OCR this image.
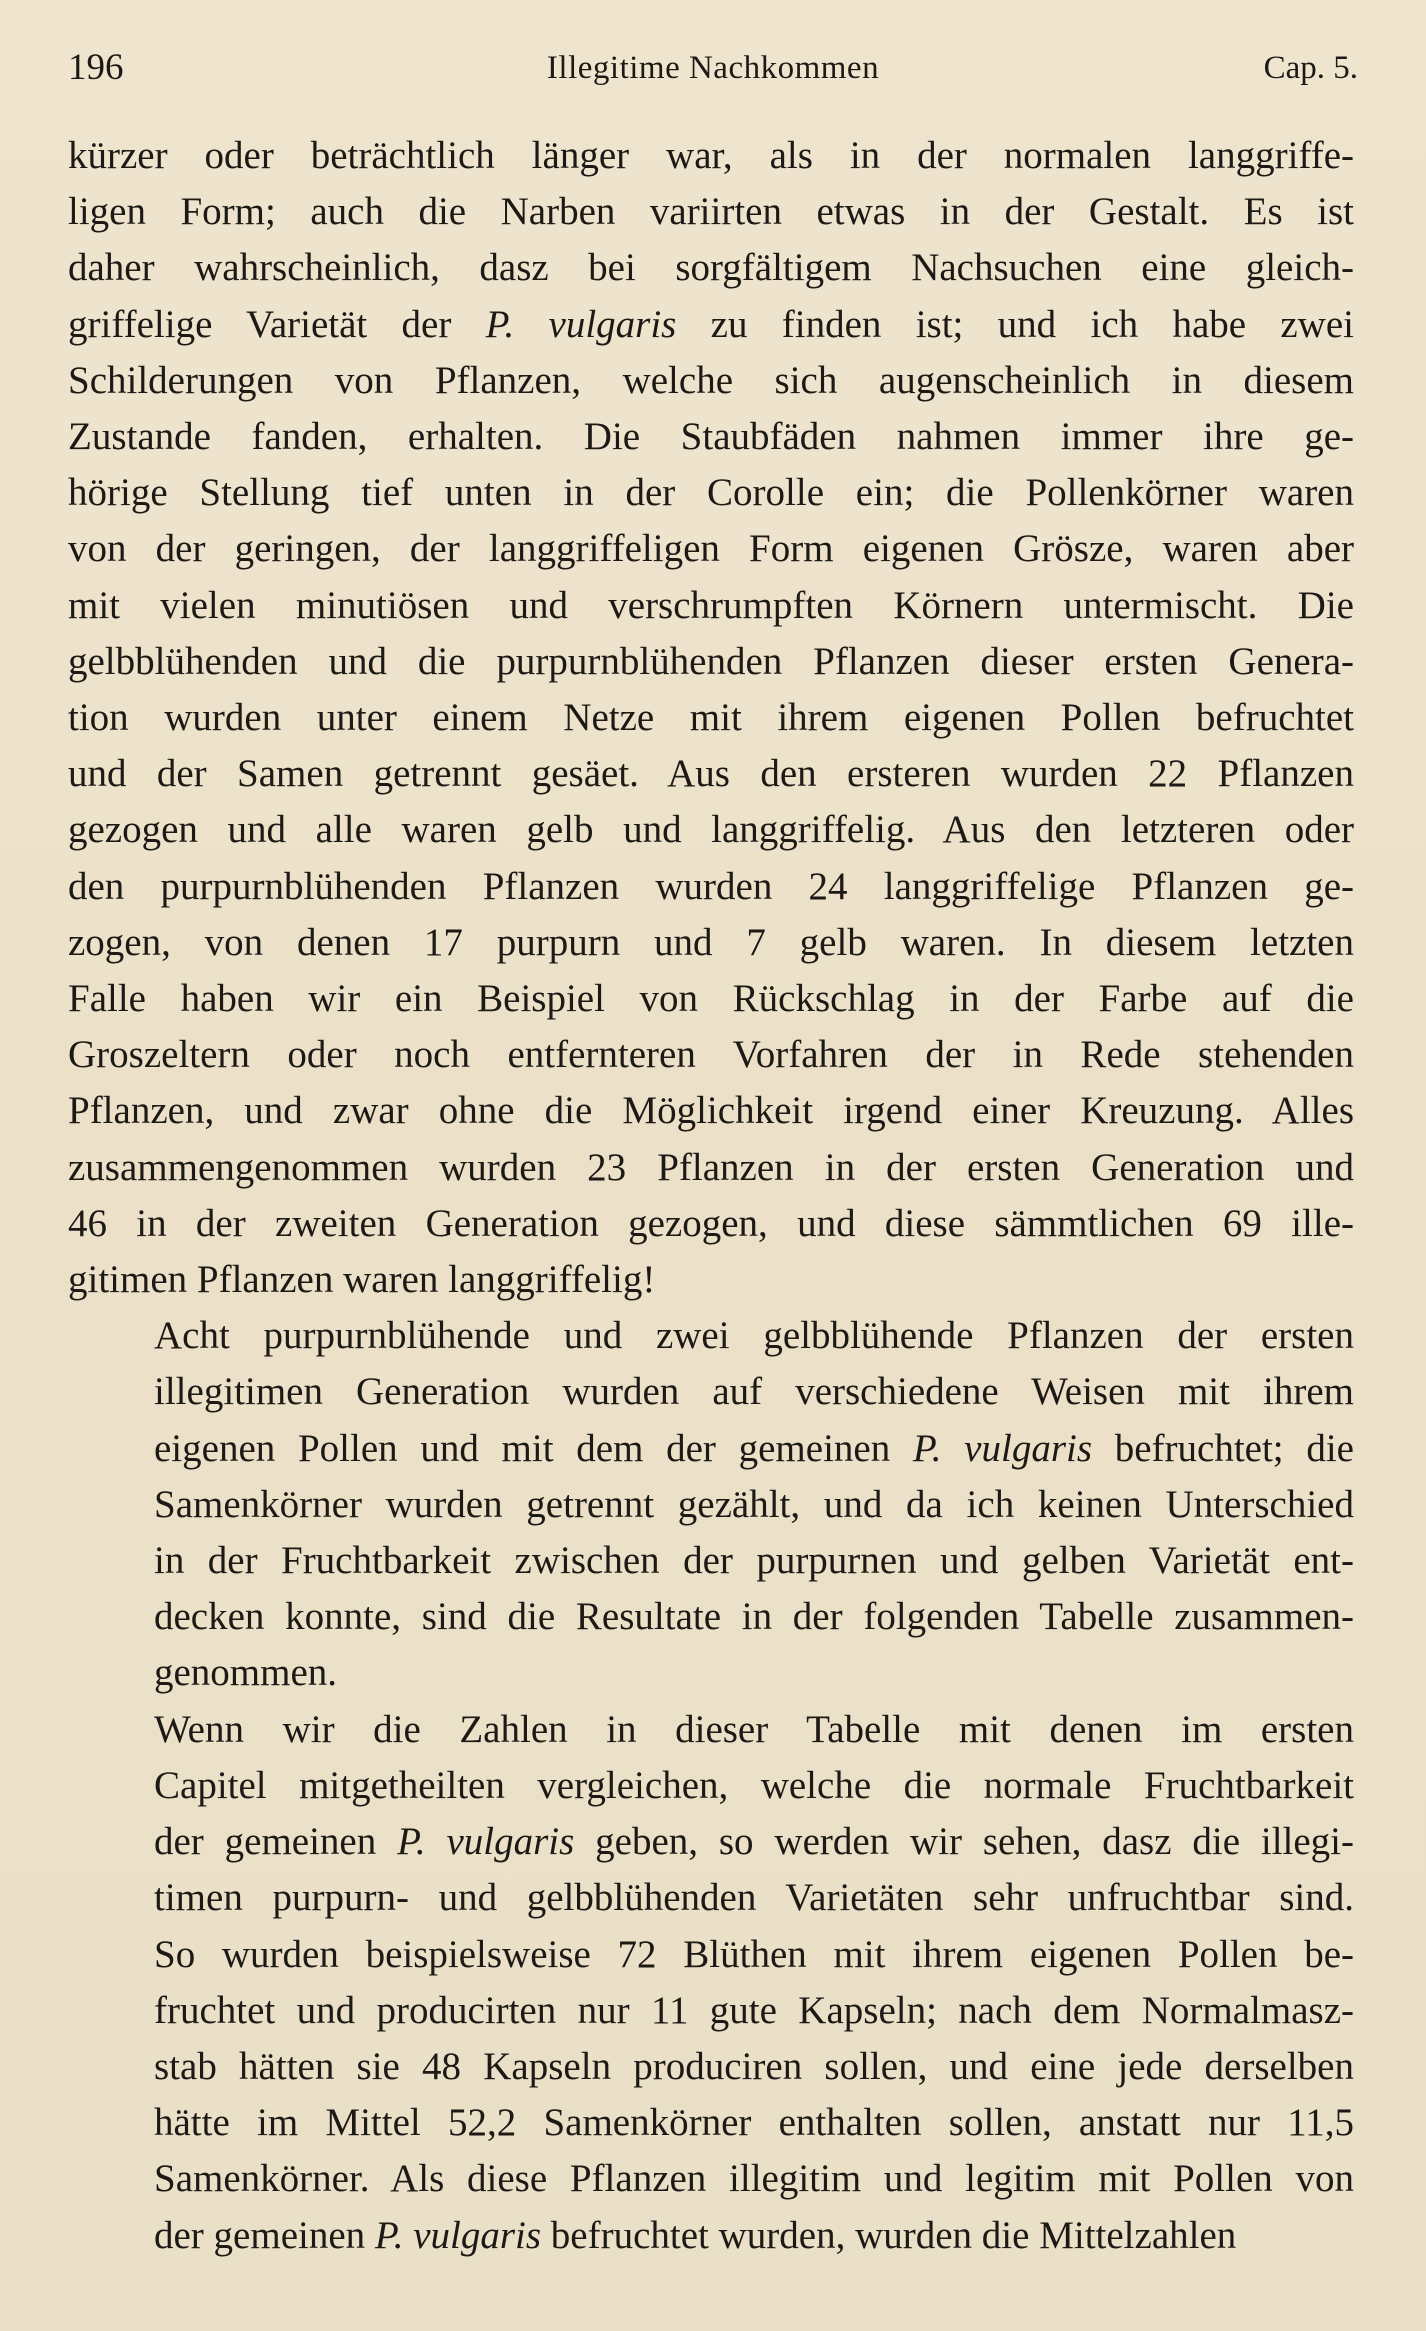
196	Illegitime Nachkommen	Cap. 5.

kürzer oder beträchtlich länger war, als in der normalen langgriffe-
ligen Form; auch die Narben variirten etwas in der Gestalt. Es ist
daher wahrscheinlich, dasz bei sorgfältigem Nachsuchen eine gleich-
griffelige Varietät der P. vulgaris zu finden ist; und ich habe zwei
Schilderungen von Pflanzen, welche sich augenscheinlich in diesem
Zustande fanden, erhalten. Die Staubfäden nahmen immer ihre ge-
hörige Stellung tief unten in der Corolle ein; die Pollenkörner waren
von der geringen, der langgriffeligen Form eigenen Grösze, waren aber
mit vielen minutiösen und verschrumpften Körnern untermischt. Die
gelbblühenden und die purpurnblühenden Pflanzen dieser ersten Genera-
tion wurden unter einem Netze mit ihrem eigenen Pollen befruchtet
und der Samen getrennt gesäet. Aus den ersteren wurden 22 Pflanzen
gezogen und alle waren gelb und langgriffelig. Aus den letzteren oder
den purpurnblühenden Pflanzen wurden 24 langgriffelige Pflanzen ge-
zogen, von denen 17 purpurn und 7 gelb waren. In diesem letzten
Falle haben wir ein Beispiel von Rückschlag in der Farbe auf die
Groszeltern oder noch entfernteren Vorfahren der in Rede stehenden
Pflanzen, und zwar ohne die Möglichkeit irgend einer Kreuzung. Alles
zusammengenommen wurden 23 Pflanzen in der ersten Generation und
46 in der zweiten Generation gezogen, und diese sämmtlichen 69 ille-
gitimen Pflanzen waren langgriffelig!

Acht purpurnblühende und zwei gelbblühende Pflanzen der ersten
illegitimen Generation wurden auf verschiedene Weisen mit ihrem
eigenen Pollen und mit dem der gemeinen P. vulgaris befruchtet; die
Samenkörner wurden getrennt gezählt, und da ich keinen Unterschied
in der Fruchtbarkeit zwischen der purpurnen und gelben Varietät ent-
decken konnte, sind die Resultate in der folgenden Tabelle zusammen-
genommen.

Wenn wir die Zahlen in dieser Tabelle mit denen im ersten
Capitel mitgetheilten vergleichen, welche die normale Fruchtbarkeit
der gemeinen P. vulgaris geben, so werden wir sehen, dasz die illegi-
timen purpurn- und gelbblühenden Varietäten sehr unfruchtbar sind.
So wurden beispielsweise 72 Blüthen mit ihrem eigenen Pollen be-
fruchtet und producirten nur 11 gute Kapseln; nach dem Normalmasz-
stab hätten sie 48 Kapseln produciren sollen, und eine jede derselben
hätte im Mittel 52,2 Samenkörner enthalten sollen, anstatt nur 11,5
Samenkörner. Als diese Pflanzen illegitim und legitim mit Pollen von
der gemeinen P. vulgaris befruchtet wurden, wurden die Mittelzahlen
